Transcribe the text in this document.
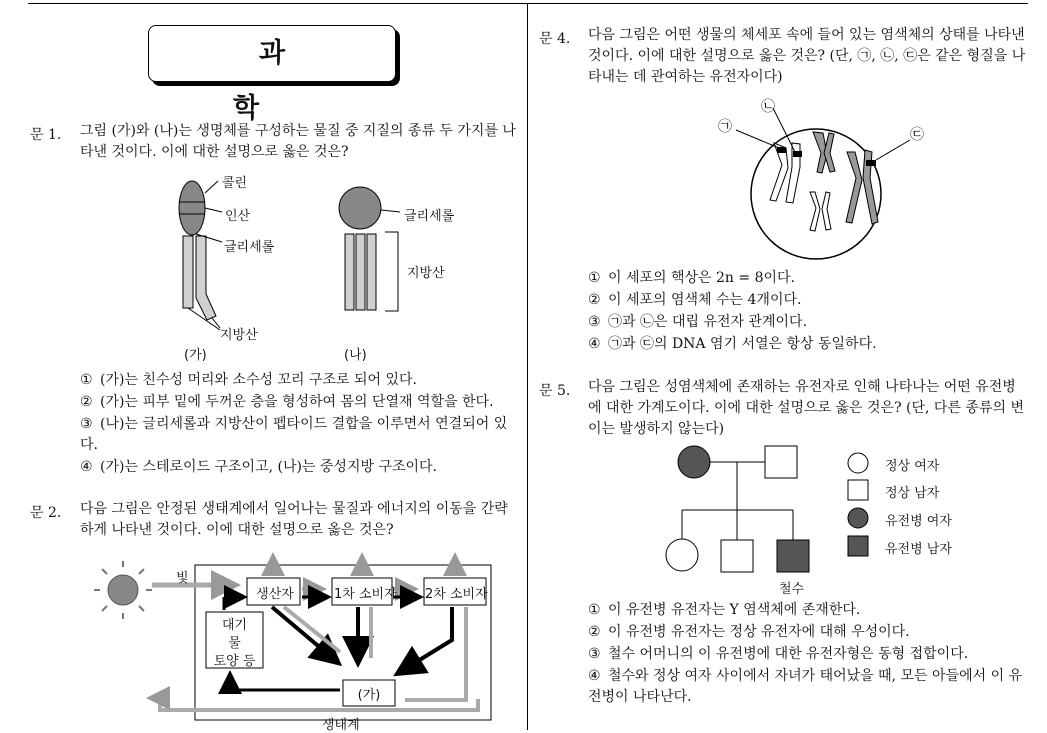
과 학
문 1. 그림 (가)와 (나)는 생명체를 구성하는 물질 중 지질의 종류 두 가지를 나타낸 것이다. 이에 대한 설명으로 옳은 것은?
콜린
인산
글리세롤
지방산
글리세롤
지방산
(가)	(나)
① (가)는 친수성 머리와 소수성 꼬리 구조로 되어 있다.
② (가)는 피부 밑에 두꺼운 층을 형성하여 몸의 단열재 역할을 한다.
③ (나)는 글리세롤과 지방산이 펩타이드 결합을 이루면서 연결되어 있다.
④ (가)는 스테로이드 구조이고, (나)는 중성지방 구조이다.
문 2. 다음 그림은 안정된 생태계에서 일어나는 물질과 에너지의 이동을 간략하게 나타낸 것이다. 이에 대한 설명으로 옳은 것은?
빛
생산자	1차 소비자 2차 소비자
대기
물
토양 등
(가)
생태계
문 4. 다음 그림은 어떤 생물의 체세포 속에 들어 있는 염색체의 상태를 나타낸 것이다. 이에 대한 설명으로 옳은 것은? (단, ㉠, ㉡, ㉢은 같은 형질을 나타내는 데 관여하는 유전자이다)
㉠
㉡
㉢
① 이 세포의 핵상은 2n = 8이다.
② 이 세포의 염색체 수는 4개이다.
③ ㉠과 ㉡은 대립 유전자 관계이다.
④ ㉠과 ㉢의 DNA 염기 서열은 항상 동일하다.
문 5. 다음 그림은 성염색체에 존재하는 유전자로 인해 나타나는 어떤 유전병에 대한 가계도이다. 이에 대한 설명으로 옳은 것은? (단, 다른 종류의 변이는 발생하지 않는다)
정상 여자
정상 남자
유전병 여자
유전병 남자
철수
① 이 유전병 유전자는 Y 염색체에 존재한다.
② 이 유전병 유전자는 정상 유전자에 대해 우성이다.
③ 철수 어머니의 이 유전병에 대한 유전자형은 동형 접합이다.
④ 철수와 정상 여자 사이에서 자녀가 태어났을 때, 모든 아들에서 이 유전병이 나타난다.
